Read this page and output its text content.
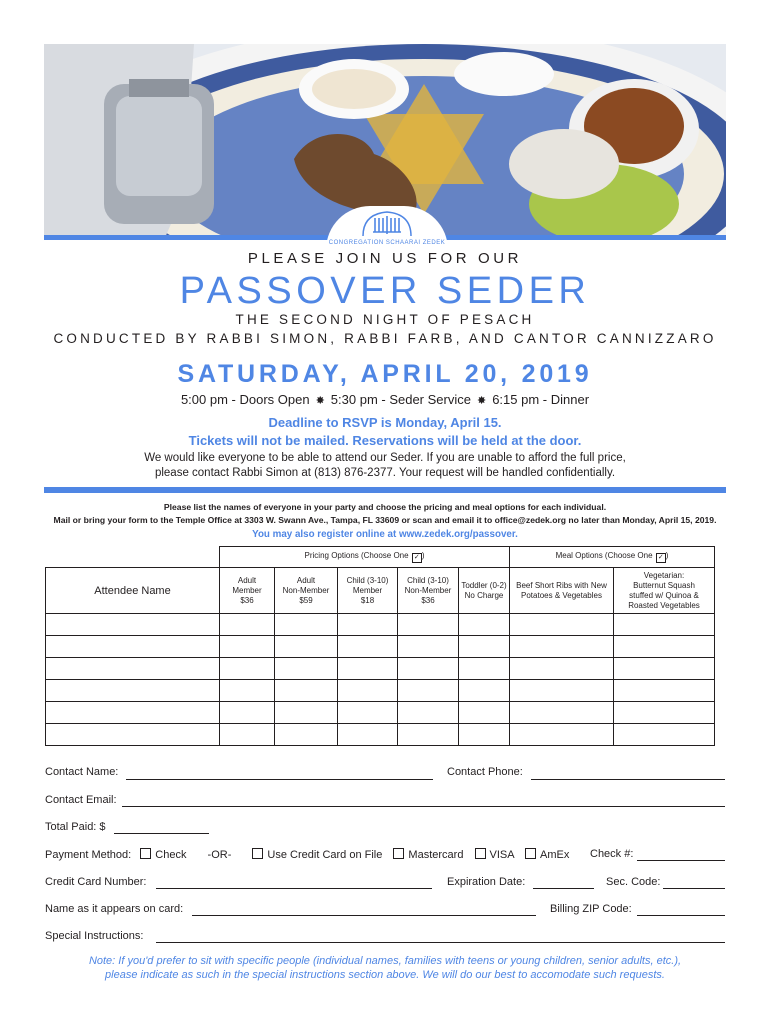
CONGREGATION SCHAARAI ZEDEK
PLEASE JOIN US FOR OUR
PASSOVER SEDER
THE SECOND NIGHT OF PESACH
CONDUCTED BY RABBI SIMON, RABBI FARB, AND CANTOR CANNIZZARO
SATURDAY, APRIL 20, 2019
5:00 pm - Doors Open ✸ 5:30 pm - Seder Service ✸ 6:15 pm - Dinner
Deadline to RSVP is Monday, April 15.
Tickets will not be mailed. Reservations will be held at the door.
We would like everyone to be able to attend our Seder. If you are unable to afford the full price,
please contact Rabbi Simon at (813) 876-2377. Your request will be handled confidentially.
Please list the names of everyone in your party and choose the pricing and meal options for each individual.
Mail or bring your form to the Temple Office at 3303 W. Swann Ave., Tampa, FL 33609 or scan and email it to office@zedek.org no later than Monday, April 15, 2019.
You may also register online at www.zedek.org/passover.
	Pricing Options (Choose One ✓ )					Meal Options (Choose One ✓ )	
Attendee Name	Adult
Member
$36	Adult
Non-Member
$59	Child (3-10)
Member
$18	Child (3-10)
Non-Member
$36	Toddler (0-2)
No Charge	Beef Short Ribs with New
Potatoes & Vegetables	Vegetarian:
Butternut Squash
stuffed w/ Quinoa &
Roasted Vegetables

Contact Name:	Contact Phone:
Contact Email:
Total Paid: $
Payment Method: Check -OR-	Use Credit Card on File Mastercard VISA AmEx Check #:
Credit Card Number:	Expiration Date:	Sec. Code:
Name as it appears on card:	Billing ZIP Code:
Special Instructions:
Note: If you'd prefer to sit with specific people (individual names, families with teens or young children, senior adults, etc.),
please indicate as such in the special instructions section above. We will do our best to accomodate such requests.
